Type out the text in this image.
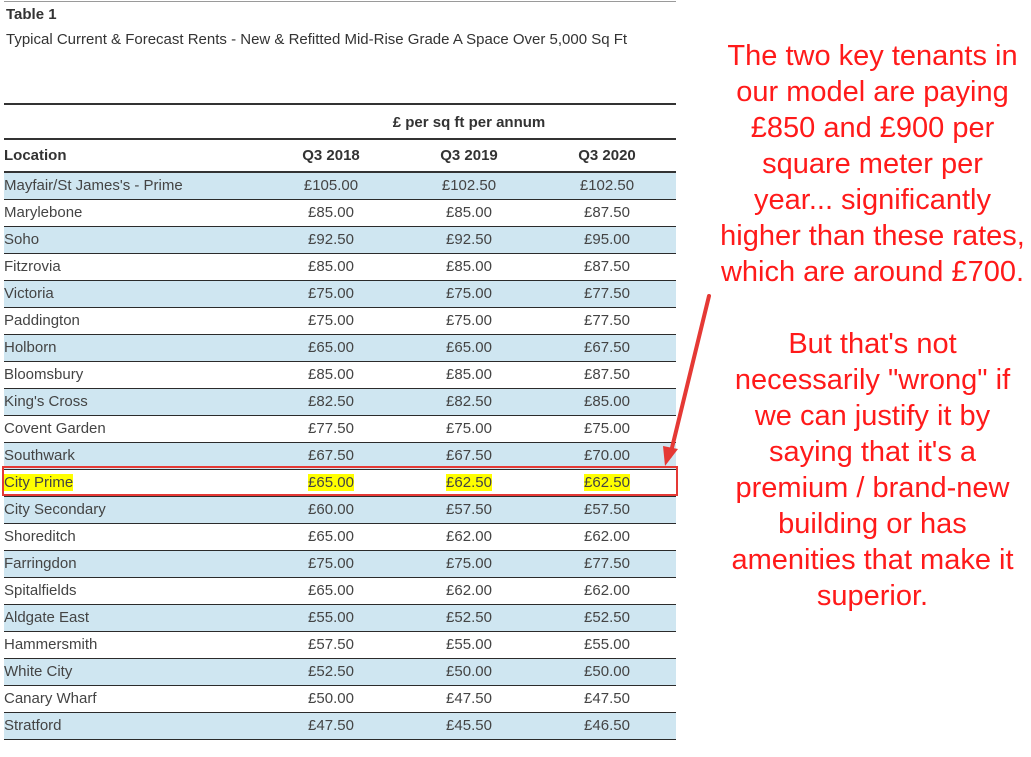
Table 1
Typical Current & Forecast Rents - New & Refitted Mid-Rise Grade A Space Over 5,000 Sq Ft
£ per sq ft per annum
Location	Q3 2018	Q3 2019	Q3 2020
Mayfair/St James's - Prime	£105.00	£102.50	£102.50
Marylebone	£85.00	£85.00	£87.50
Soho	£92.50	£92.50	£95.00
Fitzrovia	£85.00	£85.00	£87.50
Victoria	£75.00	£75.00	£77.50
Paddington	£75.00	£75.00	£77.50
Holborn	£65.00	£65.00	£67.50
Bloomsbury	£85.00	£85.00	£87.50
King's Cross	£82.50	£82.50	£85.00
Covent Garden	£77.50	£75.00	£75.00
Southwark	£67.50	£67.50	£70.00
City Prime	£65.00	£62.50	£62.50
City Secondary	£60.00	£57.50	£57.50
Shoreditch	£65.00	£62.00	£62.00
Farringdon	£75.00	£75.00	£77.50
Spitalfields	£65.00	£62.00	£62.00
Aldgate East	£55.00	£52.50	£52.50
Hammersmith	£57.50	£55.00	£55.00
White City	£52.50	£50.00	£50.00
Canary Wharf	£50.00	£47.50	£47.50
Stratford	£47.50	£45.50	£46.50

The two key tenants in our model are paying £850 and £900 per square meter per year... significantly higher than these rates, which are around £700.

But that's not necessarily "wrong" if we can justify it by saying that it's a premium / brand-new building or has amenities that make it superior.
